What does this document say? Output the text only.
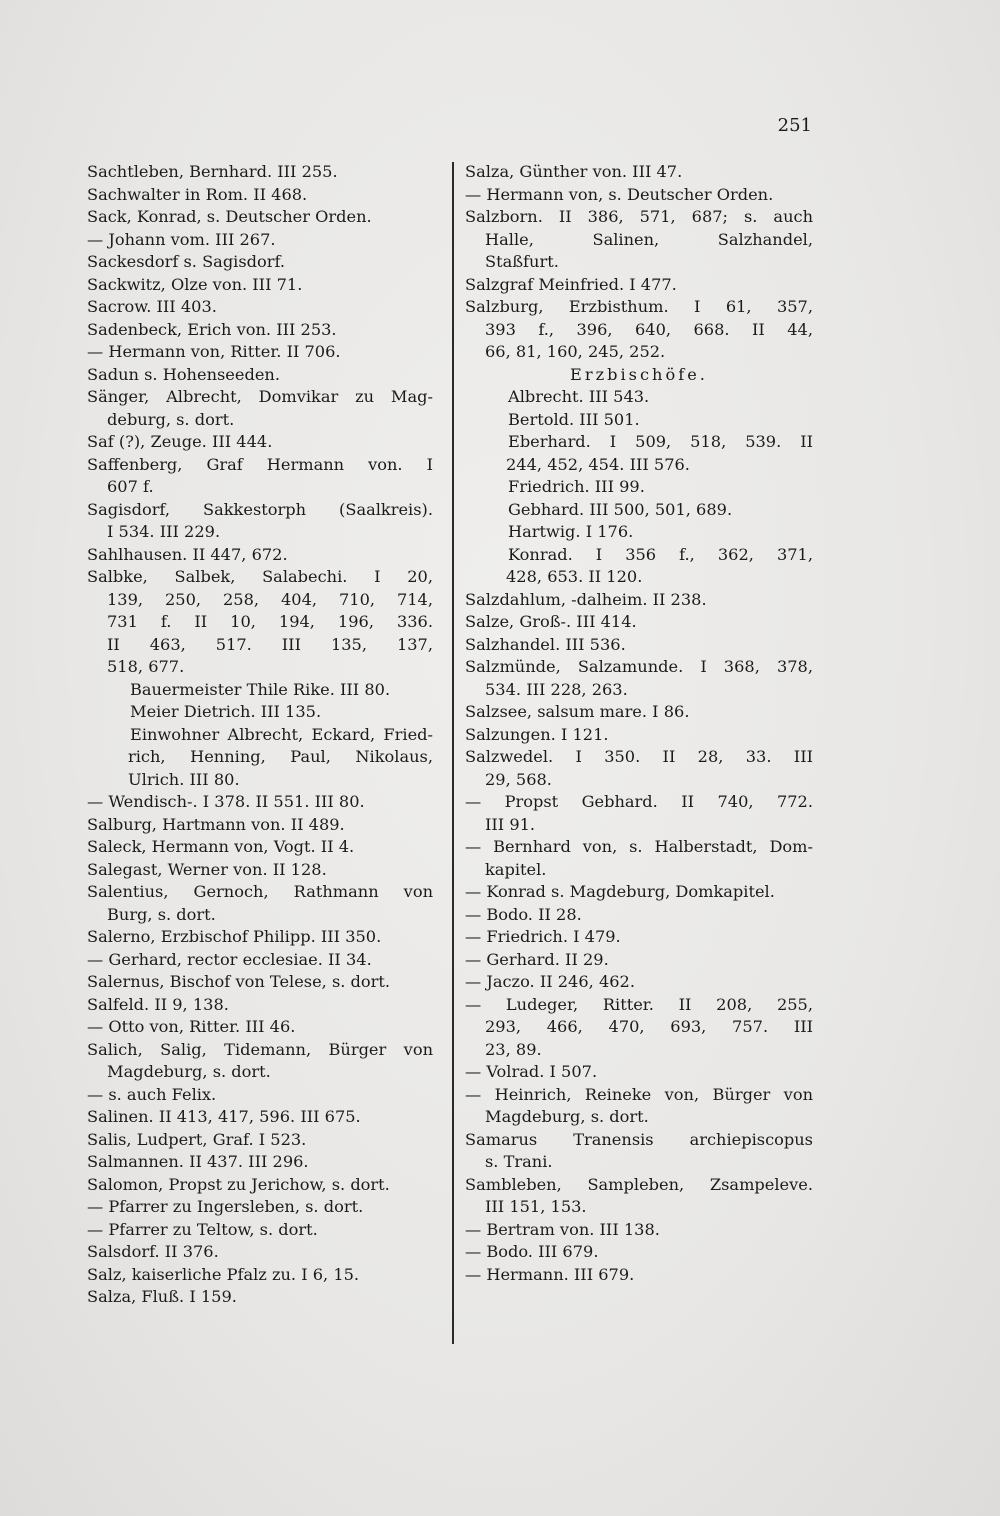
251
Sachtleben, Bernhard. III 255.
Sachwalter in Rom. II 468.
Sack, Konrad, s. Deutscher Orden.
— Johann vom. III 267.
Sackesdorf s. Sagisdorf.
Sackwitz, Olze von. III 71.
Sacrow. III 403.
Sadenbeck, Erich von. III 253.
— Hermann von, Ritter. II 706.
Sadun s. Hohenseeden.
Sänger, Albrecht, Domvikar zu Mag-
deburg, s. dort.
Saf (?), Zeuge. III 444.
Saffenberg, Graf Hermann von. I
607 f.
Sagisdorf, Sakkestorph (Saalkreis).
I 534. III 229.
Sahlhausen. II 447, 672.
Salbke, Salbek, Salabechi. I 20,
139, 250, 258, 404, 710, 714,
731 f. II 10, 194, 196, 336.
II 463, 517. III 135, 137,
518, 677.
Bauermeister Thile Rike. III 80.
Meier Dietrich. III 135.
Einwohner Albrecht, Eckard, Fried-
rich, Henning, Paul, Nikolaus,
Ulrich. III 80.
— Wendisch-. I 378. II 551. III 80.
Salburg, Hartmann von. II 489.
Saleck, Hermann von, Vogt. II 4.
Salegast, Werner von. II 128.
Salentius, Gernoch, Rathmann von
Burg, s. dort.
Salerno, Erzbischof Philipp. III 350.
— Gerhard, rector ecclesiae. II 34.
Salernus, Bischof von Telese, s. dort.
Salfeld. II 9, 138.
— Otto von, Ritter. III 46.
Salich, Salig, Tidemann, Bürger von
Magdeburg, s. dort.
— s. auch Felix.
Salinen. II 413, 417, 596. III 675.
Salis, Ludpert, Graf. I 523.
Salmannen. II 437. III 296.
Salomon, Propst zu Jerichow, s. dort.
— Pfarrer zu Ingersleben, s. dort.
— Pfarrer zu Teltow, s. dort.
Salsdorf. II 376.
Salz, kaiserliche Pfalz zu. I 6, 15.
Salza, Fluß. I 159.
Salza, Günther von. III 47.
— Hermann von, s. Deutscher Orden.
Salzborn. II 386, 571, 687; s. auch
Halle, Salinen, Salzhandel,
Staßfurt.
Salzgraf Meinfried. I 477.
Salzburg, Erzbisthum. I 61, 357,
393 f., 396, 640, 668. II 44,
66, 81, 160, 245, 252.
Erzbischöfe.
Albrecht. III 543.
Bertold. III 501.
Eberhard. I 509, 518, 539. II
244, 452, 454. III 576.
Friedrich. III 99.
Gebhard. III 500, 501, 689.
Hartwig. I 176.
Konrad. I 356 f., 362, 371,
428, 653. II 120.
Salzdahlum, -dalheim. II 238.
Salze, Groß-. III 414.
Salzhandel. III 536.
Salzmünde, Salzamunde. I 368, 378,
534. III 228, 263.
Salzsee, salsum mare. I 86.
Salzungen. I 121.
Salzwedel. I 350. II 28, 33. III
29, 568.
— Propst Gebhard. II 740, 772.
III 91.
— Bernhard von, s. Halberstadt, Dom-
kapitel.
— Konrad s. Magdeburg, Domkapitel.
— Bodo. II 28.
— Friedrich. I 479.
— Gerhard. II 29.
— Jaczo. II 246, 462.
— Ludeger, Ritter. II 208, 255,
293, 466, 470, 693, 757. III
23, 89.
— Volrad. I 507.
— Heinrich, Reineke von, Bürger von
Magdeburg, s. dort.
Samarus Tranensis archiepiscopus
s. Trani.
Sambleben, Sampleben, Zsampeleve.
III 151, 153.
— Bertram von. III 138.
— Bodo. III 679.
— Hermann. III 679.
